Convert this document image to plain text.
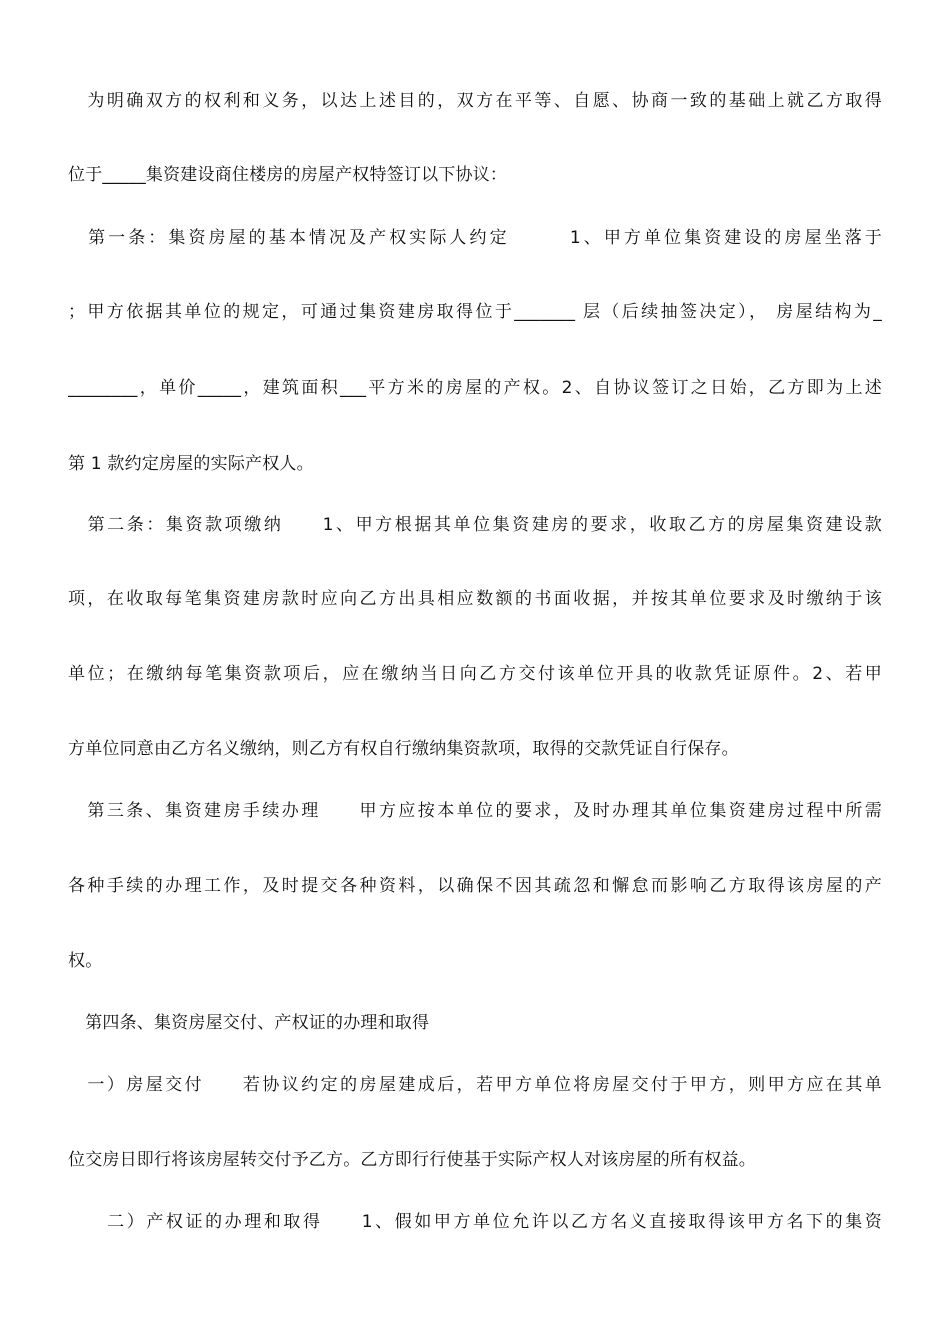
　为明确双方的权利和义务，以达上述目的，双方在平等、自愿、协商一致的基础上就乙方取得
位于_____集资建设商住楼房的房屋产权特签订以下协议：
　第一条：集资房屋的基本情况及产权实际人约定　　　1、甲方单位集资建设的房屋坐落于
；甲方依据其单位的规定，可通过集资建房取得位于_______ 层（后续抽签决定）， 房屋结构为_
________，单价_____，建筑面积___平方米的房屋的产权。2、自协议签订之日始，乙方即为上述
第 1 款约定房屋的实际产权人。
　第二条：集资款项缴纳　　1、甲方根据其单位集资建房的要求，收取乙方的房屋集资建设款
项，在收取每笔集资建房款时应向乙方出具相应数额的书面收据，并按其单位要求及时缴纳于该
单位；在缴纳每笔集资款项后，应在缴纳当日向乙方交付该单位开具的收款凭证原件。2、若甲
方单位同意由乙方名义缴纳，则乙方有权自行缴纳集资款项，取得的交款凭证自行保存。
　第三条、集资建房手续办理　　甲方应按本单位的要求，及时办理其单位集资建房过程中所需
各种手续的办理工作，及时提交各种资料，以确保不因其疏忽和懈怠而影响乙方取得该房屋的产
权。
　第四条、集资房屋交付、产权证的办理和取得
　一）房屋交付　　若协议约定的房屋建成后，若甲方单位将房屋交付于甲方，则甲方应在其单
位交房日即行将该房屋转交付予乙方。乙方即行行使基于实际产权人对该房屋的所有权益。
　　二）产权证的办理和取得　　1、假如甲方单位允许以乙方名义直接取得该甲方名下的集资
